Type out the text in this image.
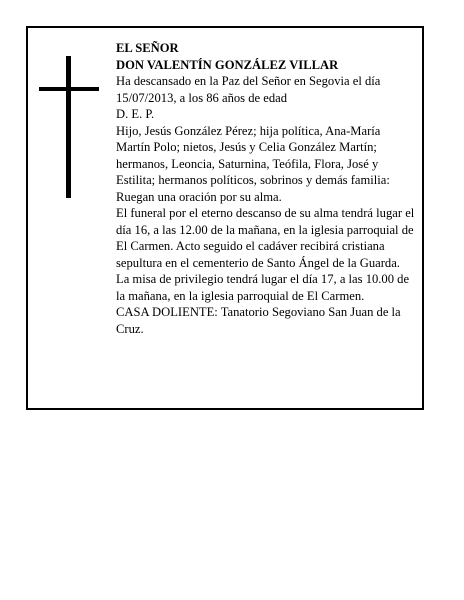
EL SEÑOR

DON VALENTÍN GONZÁLEZ VILLAR

Ha descansado en la Paz del Señor en Segovia el día 15/07/2013, a los 86 años de edad

D. E. P.

Hijo, Jesús González Pérez; hija política, Ana-María Martín Polo; nietos, Jesús y Celia González Martín; hermanos, Leoncia, Saturnina, Teófila, Flora, José y Estilita; hermanos políticos, sobrinos y demás familia: Ruegan una oración por su alma.

El funeral por el eterno descanso de su alma tendrá lugar el día 16, a las 12.00 de la mañana, en la iglesia parroquial de El Carmen. Acto seguido el cadáver recibirá cristiana sepultura en el cementerio de Santo Ángel de la Guarda. La misa de privilegio tendrá lugar el día 17, a las 10.00 de la mañana, en la iglesia parroquial de El Carmen.

CASA DOLIENTE: Tanatorio Segoviano San Juan de la Cruz.
